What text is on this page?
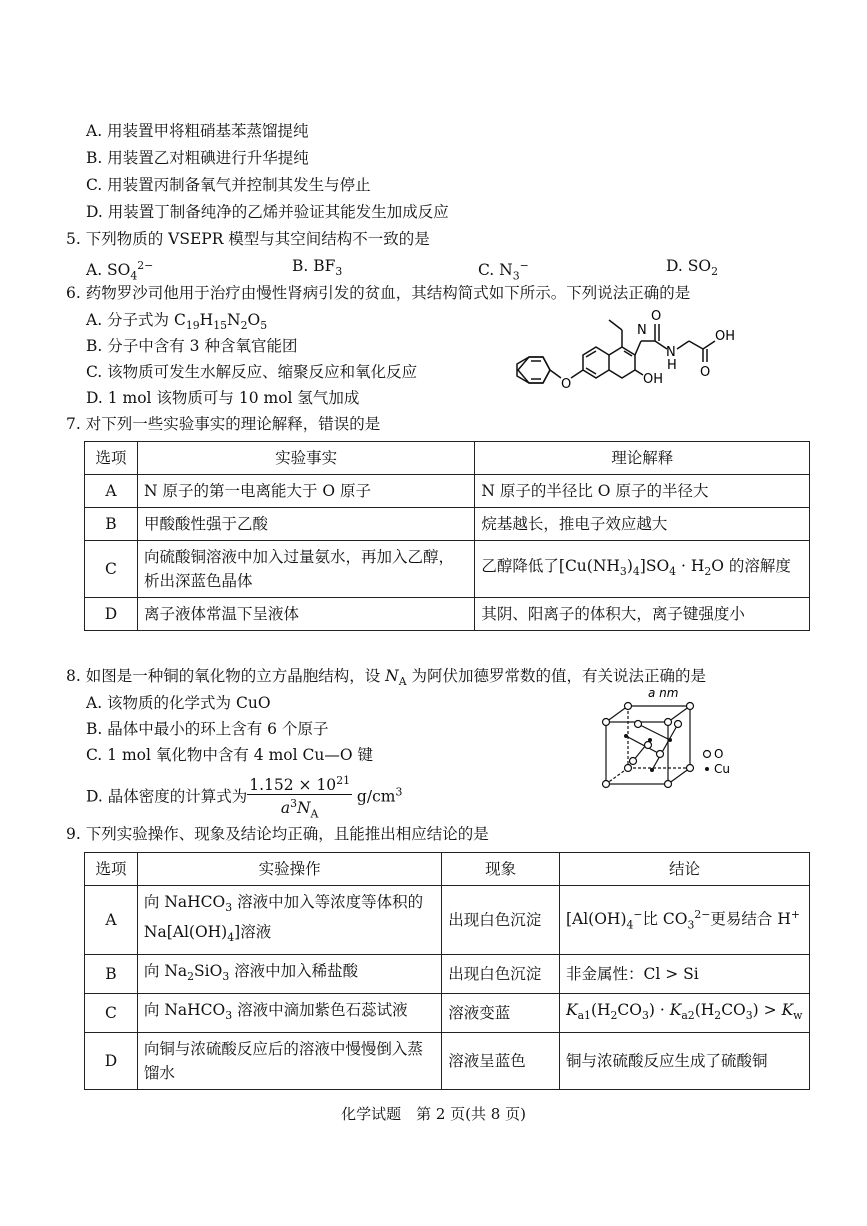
A. 用装置甲将粗硝基苯蒸馏提纯
B. 用装置乙对粗碘进行升华提纯
C. 用装置丙制备氧气并控制其发生与停止
D. 用装置丁制备纯净的乙烯并验证其能发生加成反应
5. 下列物质的 VSEPR 模型与其空间结构不一致的是
A. $SO_4^{2-}$	B. $BF_3$	C. $N_3^-$	D. $SO_2$
6. 药物罗沙司他用于治疗由慢性肾病引发的贫血，其结构简式如下所示。下列说法正确的是
A. 分子式为 $C_{19}H_{15}N_2O_5$
B. 分子中含有 3 种含氧官能团
C. 该物质可发生水解反应、缩聚反应和氧化反应
D. 1 mol 该物质可与 10 mol 氢气加成
N
O
N
H O
OH
OH
O
7. 对下列一些实验事实的理论解释，错误的是
选项	实验事实	理论解释
A	N 原子的第一电离能大于 O 原子	N 原子的半径比 O 原子的半径大
B	甲酸酸性强于乙酸	烷基越长，推电子效应越大
C	向硫酸铜溶液中加入过量氨水，再加入乙醇，析出深蓝色晶体	乙醇降低了$[Cu(NH_3)_4]SO_4 \cdot H_2O$ 的溶解度
D	离子液体常温下呈液体	其阴、阳离子的体积大，离子键强度小
8. 如图是一种铜的氧化物的立方晶胞结构，设 $N_A$ 为阿伏加德罗常数的值，有关说法正确的是
A. 该物质的化学式为 CuO
B. 晶体中最小的环上含有 6 个原子
C. 1 mol 氧化物中含有 4 mol Cu—O 键
D. 晶体密度的计算式为 $\frac{1.152 \times 10^{21}}{a^3N_A} g/cm^3$
a nm
O
Cu
9. 下列实验操作、现象及结论均正确，且能推出相应结论的是
选项	实验操作	现象	结论
A	向 NaHCO$_3$ 溶液中加入等浓度等体积的 $Na[Al(OH)_4]$溶液	出现白色沉淀	[$Al(OH)_4^-$比 $CO_3^{2-}$更易结合 H+
B	向 $Na_2SiO_3$ 溶液中加入稀盐酸	出现白色沉淀	非金属性：Cl > Si
C	向 NaHCO$_3$ 溶液中滴加紫色石蕊试液	溶液变蓝	$K_{a1}(H_2CO_3) \cdot K_{a2}(H_2CO_3) > K_w$
D	向铜与浓硫酸反应后的溶液中慢慢倒入蒸馏水	溶液呈蓝色	铜与浓硫酸反应生成了硫酸铜
化学试题　第 2 页(共 8 页)
